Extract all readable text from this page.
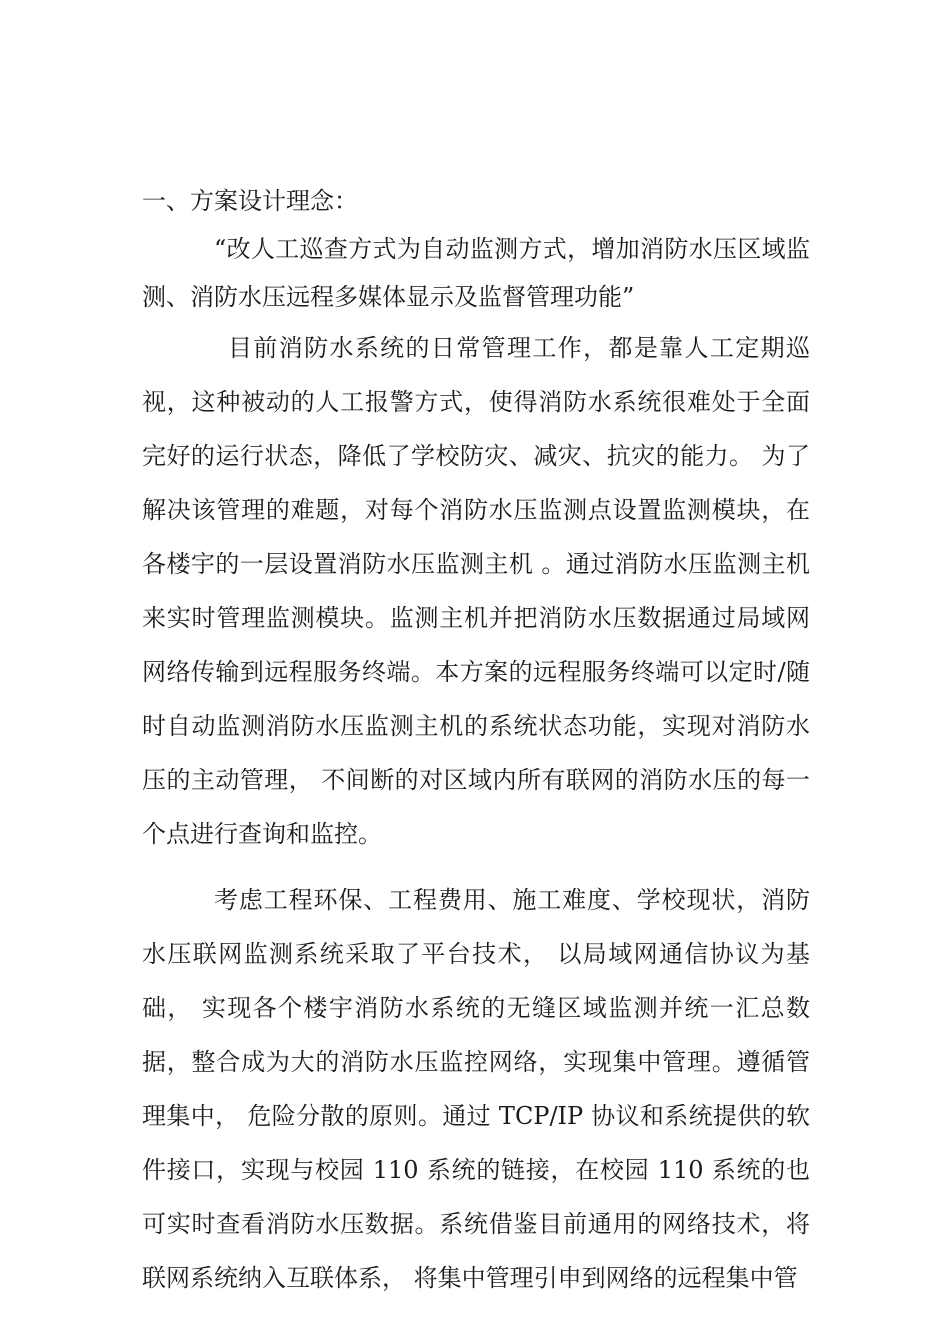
一、方案设计理念：

“改人工巡查方式为自动监测方式，增加消防水压区域监测、消防水压远程多媒体显示及监督管理功能”

目前消防水系统的日常管理工作，都是靠人工定期巡视，这种被动的人工报警方式，使得消防水系统很难处于全面完好的运行状态，降低了学校防灾、减灾、抗灾的能力。 为了解决该管理的难题，对每个消防水压监测点设置监测模块，在各楼宇的一层设置消防水压监测主机 。通过消防水压监测主机来实时管理监测模块。监测主机并把消防水压数据通过局域网网络传输到远程服务终端。本方案的远程服务终端可以定时/随时自动监测消防水压监测主机的系统状态功能，实现对消防水压的主动管理， 不间断的对区域内所有联网的消防水压的每一个点进行查询和监控。

考虑工程环保、工程费用、施工难度、学校现状，消防水压联网监测系统采取了平台技术， 以局域网通信协议为基础， 实现各个楼宇消防水系统的无缝区域监测并统一汇总数据，整合成为大的消防水压监控网络，实现集中管理。遵循管理集中， 危险分散的原则。通过 TCP/IP 协议和系统提供的软件接口，实现与校园 110 系统的链接，在校园 110 系统的也可实时查看消防水压数据。系统借鉴目前通用的网络技术，将联网系统纳入互联体系， 将集中管理引申到网络的远程集中管
